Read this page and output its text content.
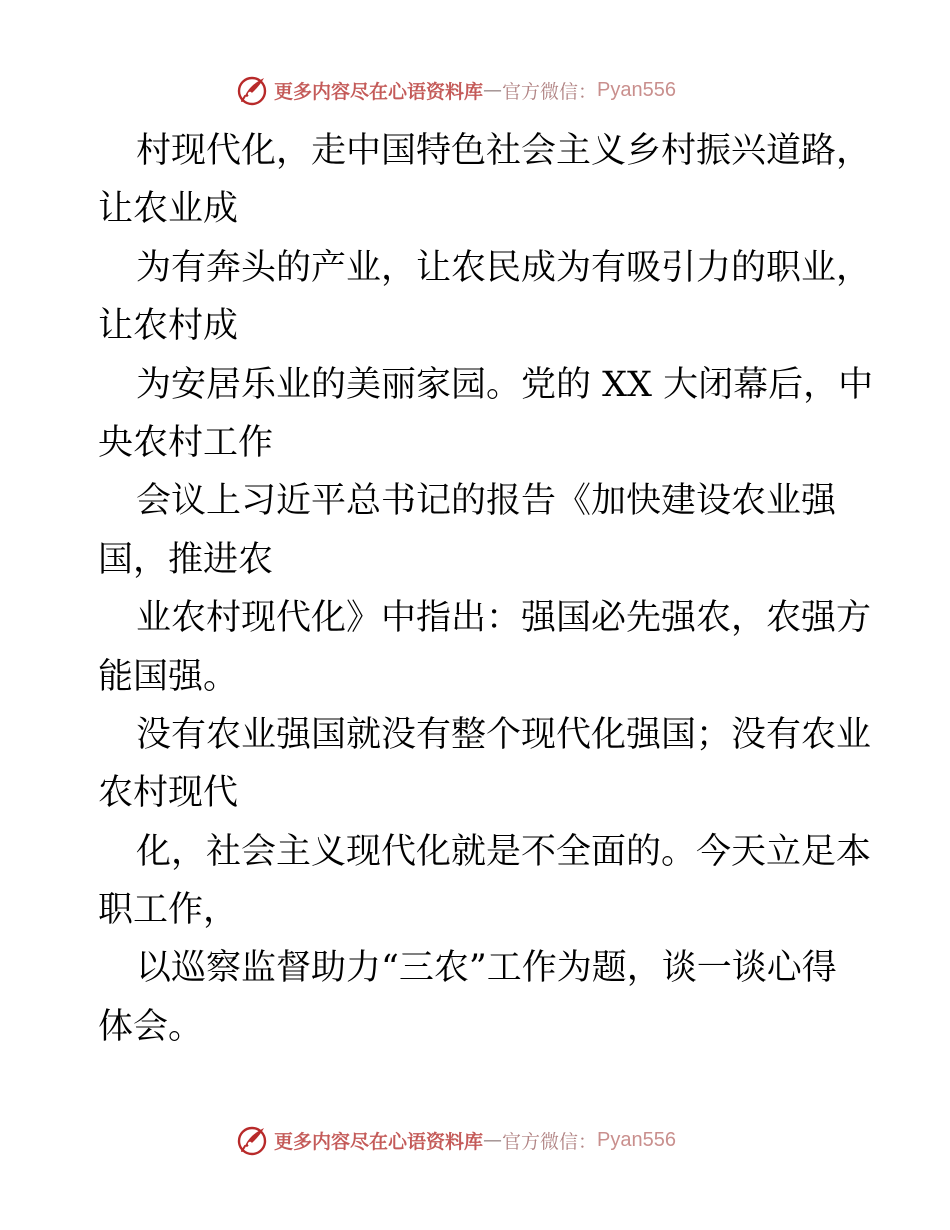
更多内容尽在心语资料库 — 官方微信： Pyan556

村现代化，走中国特色社会主义乡村振兴道路，

让农业成

为有奔头的产业，让农民成为有吸引力的职业，

让农村成

为安居乐业的美丽家园。党的 XX 大闭幕后，中

央农村工作

会议上习近平总书记的报告《加快建设农业强

国，推进农

业农村现代化》中指出：强国必先强农，农强方

能国强。

没有农业强国就没有整个现代化强国；没有农业

农村现代

化，社会主义现代化就是不全面的。今天立足本

职工作，

以巡察监督助力“三农”工作为题，谈一谈心得

体会。

更多内容尽在心语资料库 — 官方微信： Pyan556
